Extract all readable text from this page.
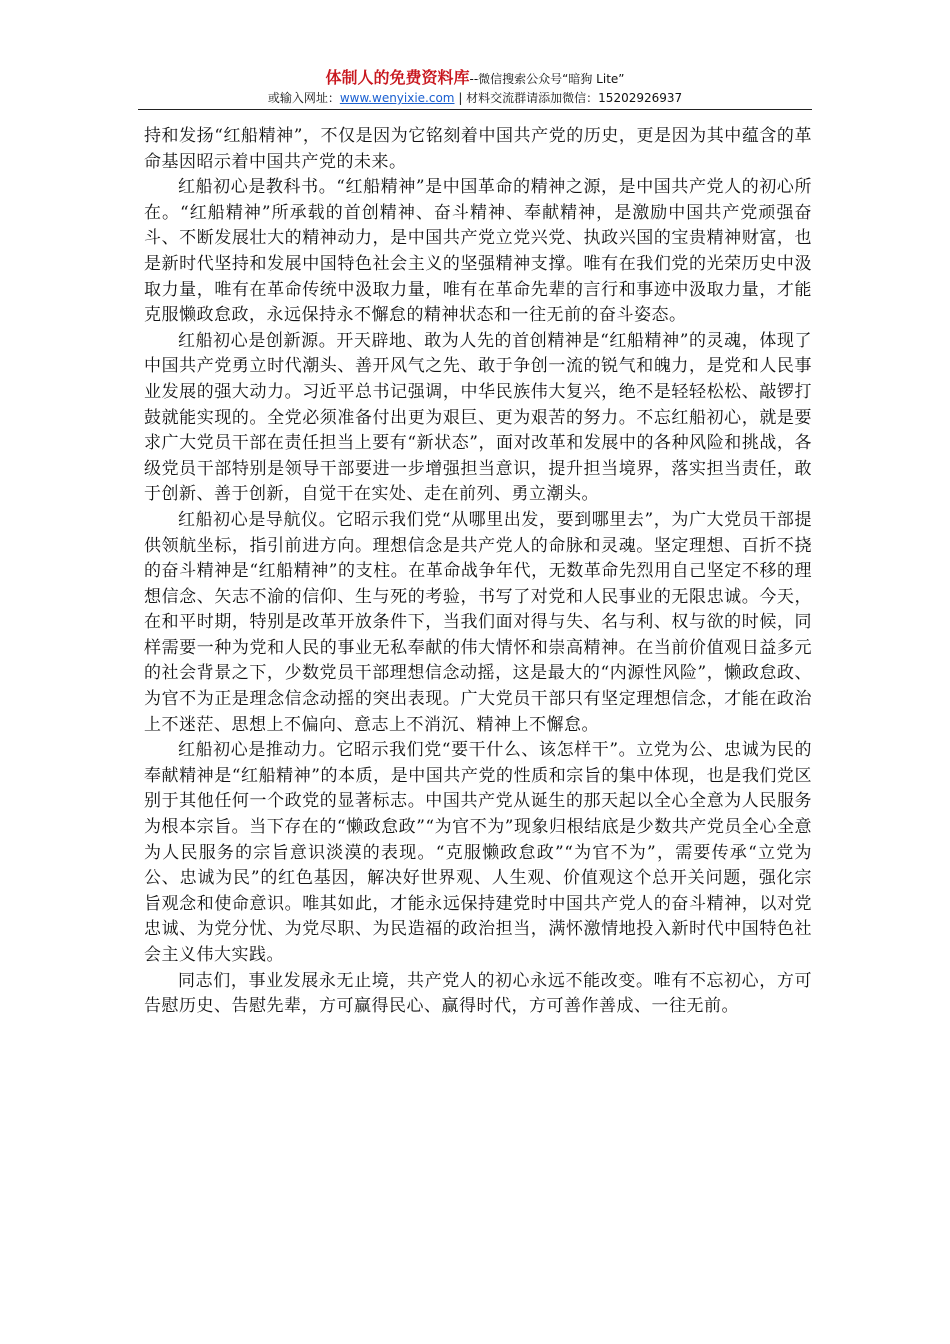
体制人的免费资料库--微信搜索公众号“暗狗 Lite”
或输入网址：www.wenyixie.com | 材料交流群请添加微信：15202926937

持和发扬“红船精神”，不仅是因为它铭刻着中国共产党的历史，更是因为其中蕴含的革命基因昭示着中国共产党的未来。

红船初心是教科书。“红船精神”是中国革命的精神之源，是中国共产党人的初心所在。“红船精神”所承载的首创精神、奋斗精神、奉献精神，是激励中国共产党顽强奋斗、不断发展壮大的精神动力，是中国共产党立党兴党、执政兴国的宝贵精神财富，也是新时代坚持和发展中国特色社会主义的坚强精神支撑。唯有在我们党的光荣历史中汲取力量，唯有在革命传统中汲取力量，唯有在革命先辈的言行和事迹中汲取力量，才能克服懒政怠政，永远保持永不懈怠的精神状态和一往无前的奋斗姿态。

红船初心是创新源。开天辟地、敢为人先的首创精神是“红船精神”的灵魂，体现了中国共产党勇立时代潮头、善开风气之先、敢于争创一流的锐气和魄力，是党和人民事业发展的强大动力。习近平总书记强调，中华民族伟大复兴，绝不是轻轻松松、敲锣打鼓就能实现的。全党必须准备付出更为艰巨、更为艰苦的努力。不忘红船初心，就是要求广大党员干部在责任担当上要有“新状态”，面对改革和发展中的各种风险和挑战，各级党员干部特别是领导干部要进一步增强担当意识，提升担当境界，落实担当责任，敢于创新、善于创新，自觉干在实处、走在前列、勇立潮头。

红船初心是导航仪。它昭示我们党“从哪里出发，要到哪里去”，为广大党员干部提供领航坐标，指引前进方向。理想信念是共产党人的命脉和灵魂。坚定理想、百折不挠的奋斗精神是“红船精神”的支柱。在革命战争年代，无数革命先烈用自己坚定不移的理想信念、矢志不渝的信仰、生与死的考验，书写了对党和人民事业的无限忠诚。今天，在和平时期，特别是改革开放条件下，当我们面对得与失、名与利、权与欲的时候，同样需要一种为党和人民的事业无私奉献的伟大情怀和崇高精神。在当前价值观日益多元的社会背景之下，少数党员干部理想信念动摇，这是最大的“内源性风险”，懒政怠政、为官不为正是理念信念动摇的突出表现。广大党员干部只有坚定理想信念，才能在政治上不迷茫、思想上不偏向、意志上不消沉、精神上不懈怠。

红船初心是推动力。它昭示我们党“要干什么、该怎样干”。立党为公、忠诚为民的奉献精神是“红船精神”的本质，是中国共产党的性质和宗旨的集中体现，也是我们党区别于其他任何一个政党的显著标志。中国共产党从诞生的那天起以全心全意为人民服务为根本宗旨。当下存在的“懒政怠政”“为官不为”现象归根结底是少数共产党员全心全意为人民服务的宗旨意识淡漠的表现。“克服懒政怠政”“为官不为”，需要传承“立党为公、忠诚为民”的红色基因，解决好世界观、人生观、价值观这个总开关问题，强化宗旨观念和使命意识。唯其如此，才能永远保持建党时中国共产党人的奋斗精神，以对党忠诚、为党分忧、为党尽职、为民造福的政治担当，满怀激情地投入新时代中国特色社会主义伟大实践。

同志们，事业发展永无止境，共产党人的初心永远不能改变。唯有不忘初心，方可告慰历史、告慰先辈，方可赢得民心、赢得时代，方可善作善成、一往无前。
